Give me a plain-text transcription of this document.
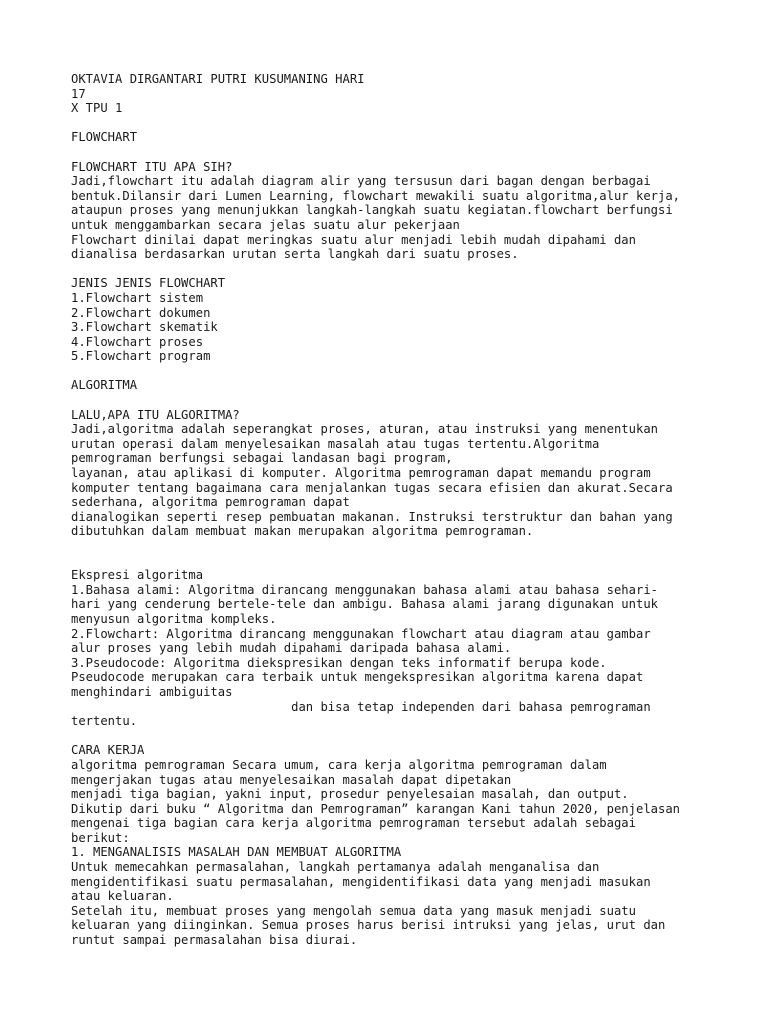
OKTAVIA DIRGANTARI PUTRI KUSUMANING HARI
17
X TPU 1
FLOWCHART
FLOWCHART ITU APA SIH?
Jadi,flowchart itu adalah diagram alir yang tersusun dari bagan dengan berbagai
bentuk.Dilansir dari Lumen Learning, flowchart mewakili suatu algoritma,alur kerja,
ataupun proses yang menunjukkan langkah-langkah suatu kegiatan.flowchart berfungsi
untuk menggambarkan secara jelas suatu alur pekerjaan
Flowchart dinilai dapat meringkas suatu alur menjadi lebih mudah dipahami dan
dianalisa berdasarkan urutan serta langkah dari suatu proses.
JENIS JENIS FLOWCHART
1.Flowchart sistem
2.Flowchart dokumen
3.Flowchart skematik
4.Flowchart proses
5.Flowchart program
ALGORITMA
LALU,APA ITU ALGORITMA?
Jadi,algoritma adalah seperangkat proses, aturan, atau instruksi yang menentukan
urutan operasi dalam menyelesaikan masalah atau tugas tertentu.Algoritma
pemrograman berfungsi sebagai landasan bagi program,
layanan, atau aplikasi di komputer. Algoritma pemrograman dapat memandu program
komputer tentang bagaimana cara menjalankan tugas secara efisien dan akurat.Secara
sederhana, algoritma pemrograman dapat
dianalogikan seperti resep pembuatan makanan. Instruksi terstruktur dan bahan yang
dibutuhkan dalam membuat makan merupakan algoritma pemrograman.
Ekspresi algoritma
1.Bahasa alami: Algoritma dirancang menggunakan bahasa alami atau bahasa sehari-
hari yang cenderung bertele-tele dan ambigu. Bahasa alami jarang digunakan untuk
menyusun algoritma kompleks.
2.Flowchart: Algoritma dirancang menggunakan flowchart atau diagram atau gambar
alur proses yang lebih mudah dipahami daripada bahasa alami.
3.Pseudocode: Algoritma diekspresikan dengan teks informatif berupa kode.
Pseudocode merupakan cara terbaik untuk mengekspresikan algoritma karena dapat
menghindari ambiguitas
dan bisa tetap independen dari bahasa pemrograman
tertentu.
CARA KERJA
algoritma pemrograman Secara umum, cara kerja algoritma pemrograman dalam
mengerjakan tugas atau menyelesaikan masalah dapat dipetakan
menjadi tiga bagian, yakni input, prosedur penyelesaian masalah, dan output.
Dikutip dari buku “ Algoritma dan Pemrograman” karangan Kani tahun 2020, penjelasan
mengenai tiga bagian cara kerja algoritma pemrograman tersebut adalah sebagai
berikut:
1. MENGANALISIS MASALAH DAN MEMBUAT ALGORITMA
Untuk memecahkan permasalahan, langkah pertamanya adalah menganalisa dan
mengidentifikasi suatu permasalahan, mengidentifikasi data yang menjadi masukan
atau keluaran.
Setelah itu, membuat proses yang mengolah semua data yang masuk menjadi suatu
keluaran yang diinginkan. Semua proses harus berisi intruksi yang jelas, urut dan
runtut sampai permasalahan bisa diurai.
